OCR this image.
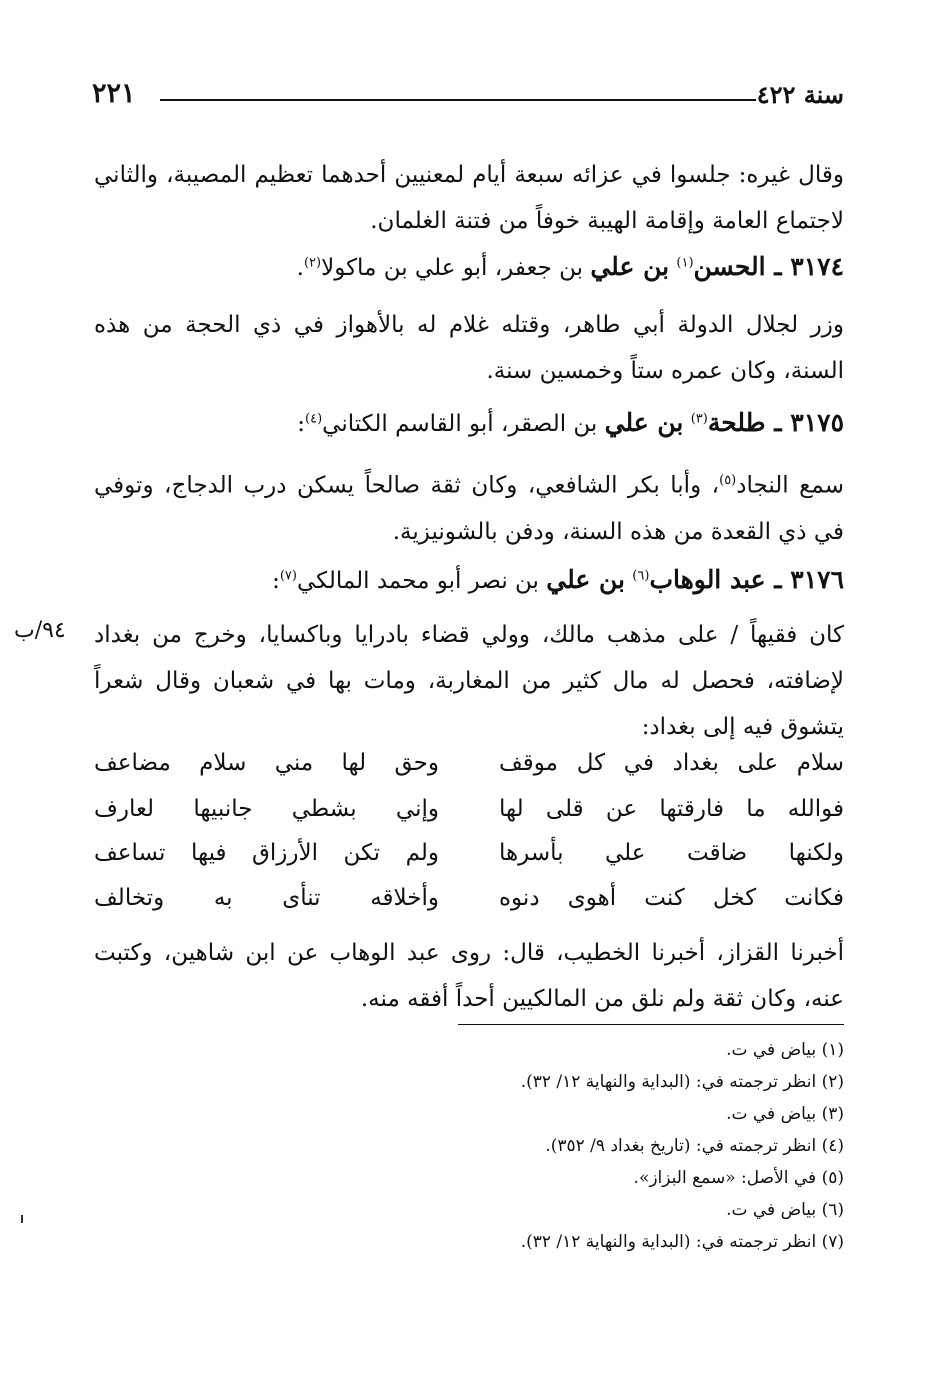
٢٢١	سنة ٤٢٢

وقال غيره: جلسوا في عزائه سبعة أيام لمعنيين أحدهما تعظيم المصيبة، والثاني لاجتماع العامة وإقامة الهيبة خوفاً من فتنة الغلمان.

٣١٧٤ ـ الحسن$^{(١)}$ بن علي بن جعفر، أبو علي بن ماكولا$^{(٢)}$.

وزر لجلال الدولة أبي طاهر، وقتله غلام له بالأهواز في ذي الحجة من هذه السنة، وكان عمره ستاً وخمسين سنة.

٣١٧٥ ـ طلحة$^{(٣)}$ بن علي بن الصقر، أبو القاسم الكتاني$^{(٤)}$:

سمع النجاد$^{(٥)}$، وأبا بكر الشافعي، وكان ثقة صالحاً يسكن درب الدجاج، وتوفي في ذي القعدة من هذه السنة، ودفن بالشونيزية.

٣١٧٦ ـ عبد الوهاب$^{(٦)}$ بن علي بن نصر أبو محمد المالكي$^{(٧)}$:

٩٤/ب كان فقيهاً / على مذهب مالك، وولي قضاء بادرايا وباكسايا، وخرج من بغداد لإضافته، فحصل له مال كثير من المغاربة، ومات بها في شعبان وقال شعراً يتشوق فيه إلى بغداد:

سلام على بغداد في كل موقف
وحق لها مني سلام مضاعف
فوالله ما فارقتها عن قلى لها
وإني بشطي جانبيها لعارف
ولكنها ضاقت علي بأسرها
ولم تكن الأرزاق فيها تساعف
فكانت كخل كنت أهوى دنوه
وأخلاقه تنأى به وتخالف

أخبرنا القزاز، أخبرنا الخطيب، قال: روى عبد الوهاب عن ابن شاهين، وكتبت عنه، وكان ثقة ولم نلق من المالكيين أحداً أفقه منه.

(١) بياض في ت.
(٢) انظر ترجمته في: (البداية والنهاية ١٢/ ٣٢).
(٣) بياض في ت.
(٤) انظر ترجمته في: (تاريخ بغداد ٩/ ٣٥٢).
(٥) في الأصل: «سمع البزاز».
(٦) بياض في ت.
(٧) انظر ترجمته في: (البداية والنهاية ١٢/ ٣٢).
